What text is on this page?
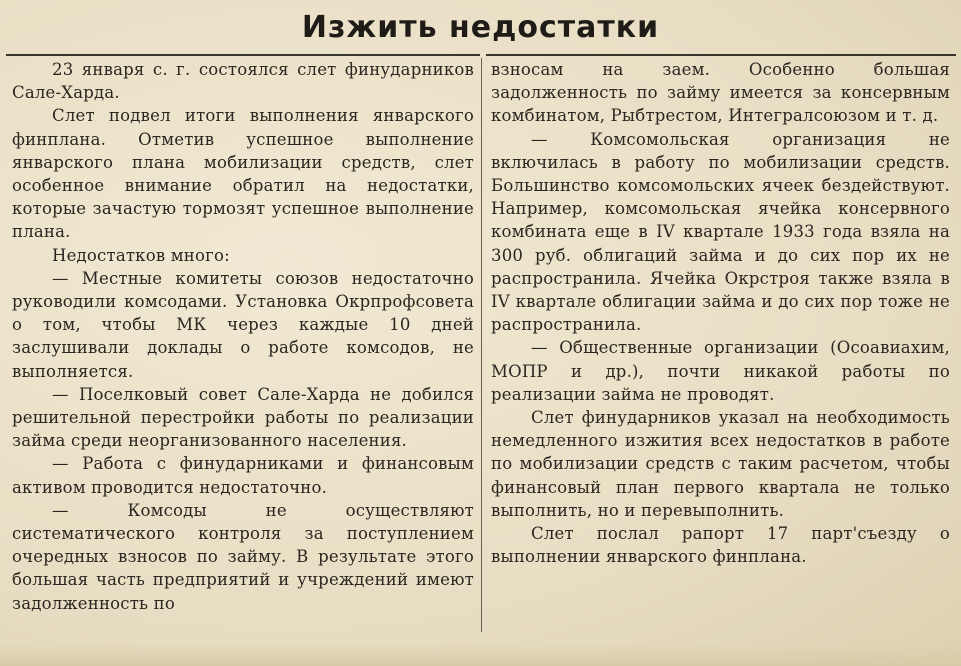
Изжить недостатки

23 января с. г. состоялся слет финударников Сале-Харда.

Слет подвел итоги выполнения январского финплана. Отметив успешное выполнение январского плана мобилизации средств, слет особенное внимание обратил на недостатки, которые зачастую тормозят успешное выполнение плана.

Недостатков много:

— Местные комитеты союзов недостаточно руководили комсодами. Установка Окрпрофсовета о том, чтобы МК через каждые 10 дней заслушивали доклады о работе комсодов, не выполняется.

— Поселковый совет Сале-Харда не добился решительной перестройки работы по реализации займа среди неорганизованного населения.

— Работа с финударниками и финансовым активом проводится недостаточно.

— Комсоды не осуществляют систематического контроля за поступлением очередных взносов по займу. В результате этого большая часть предприятий и учреждений имеют задолженность по

взносам на заем. Особенно большая задолженность по займу имеется за консервным комбинатом, Рыбтрестом, Интегралсоюзом и т. д.

— Комсомольская организация не включилась в работу по мобилизации средств. Большинство комсомольских ячеек бездействуют. Например, комсомольская ячейка консервного комбината еще в IV квартале 1933 года взяла на 300 руб. облигаций займа и до сих пор их не распространила. Ячейка Окрстроя также взяла в IV квартале облигации займа и до сих пор тоже не распространила.

— Общественные организации (Осоавиахим, МОПР и др.), почти никакой работы по реализации займа не проводят.

Слет финударников указал на необходимость немедленного изжития всех недостатков в работе по мобилизации средств с таким расчетом, чтобы финансовый план первого квартала не только выполнить, но и перевыполнить.

Слет послал рапорт 17 парт'съезду о выполнении январского финплана.
